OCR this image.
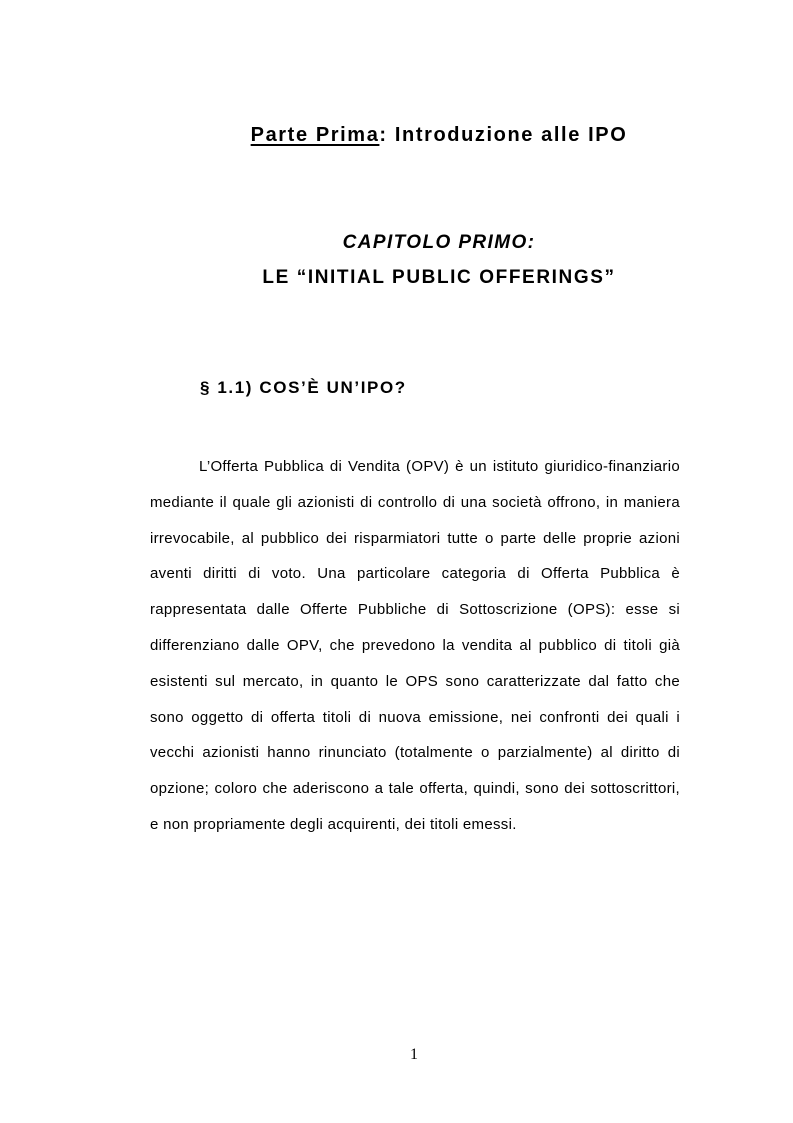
Parte Prima: Introduzione alle IPO
CAPITOLO PRIMO:
LE “INITIAL PUBLIC OFFERINGS”
§ 1.1) COS’È UN’IPO?

L’Offerta Pubblica di Vendita (OPV) è un istituto giuridico-finanziario mediante il quale gli azionisti di controllo di una società offrono, in maniera irrevocabile, al pubblico dei risparmiatori tutte o parte delle proprie azioni aventi diritti di voto. Una particolare categoria di Offerta Pubblica è rappresentata dalle Offerte Pubbliche di Sottoscrizione (OPS): esse si differenziano dalle OPV, che prevedono la vendita al pubblico di titoli già esistenti sul mercato, in quanto le OPS sono caratterizzate dal fatto che sono oggetto di offerta titoli di nuova emissione, nei confronti dei quali i vecchi azionisti hanno rinunciato (totalmente o parzialmente) al diritto di opzione; coloro che aderiscono a tale offerta, quindi, sono dei sottoscrittori, e non propriamente degli acquirenti, dei titoli emessi.

1
